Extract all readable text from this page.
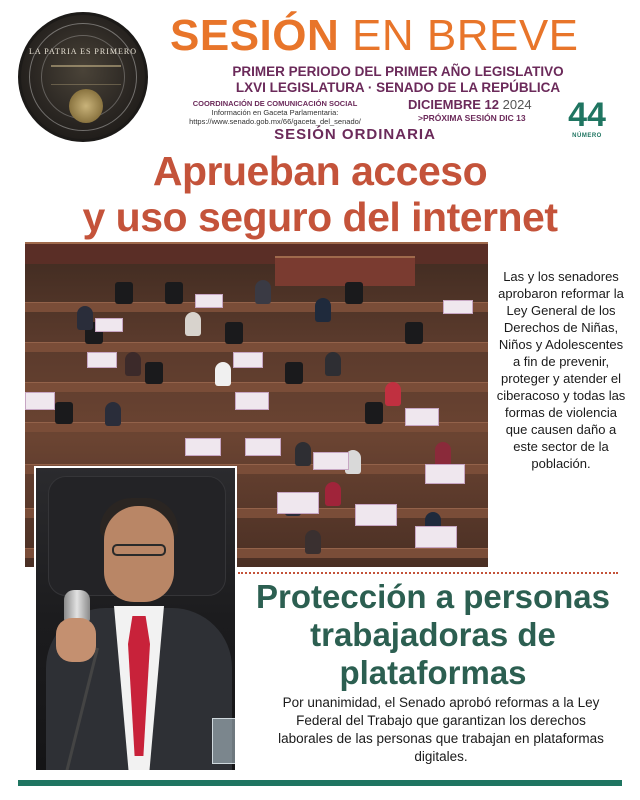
LA PATRIA ES PRIMERO SESIÓN EN BREVE
PRIMER PERIODO DEL PRIMER AÑO LEGISLATIVO
LXVI LEGISLATURA · SENADO DE LA REPÚBLICA
COORDINACIÓN DE COMUNICACIÓN SOCIAL
Información en Gaceta Parlamentaria:
https://www.senado.gob.mx/66/gaceta_del_senado/
DICIEMBRE 12 2024
>PRÓXIMA SESIÓN DIC 13	44
NÚMERO
SESIÓN ORDINARIA
Aprueban acceso
y uso seguro del internet
Las y los senadores aprobaron reformar la Ley General de los Derechos de Niñas, Niños y Adolescentes a fin de prevenir, proteger y atender el ciberacoso y todas las formas de violencia que causen daño a este sector de la población.
Protección a personas
trabajadoras de
plataformas
Por unanimidad, el Senado aprobó reformas a la Ley Federal del Trabajo que garantizan los derechos laborales de las personas que trabajan en plataformas digitales.
